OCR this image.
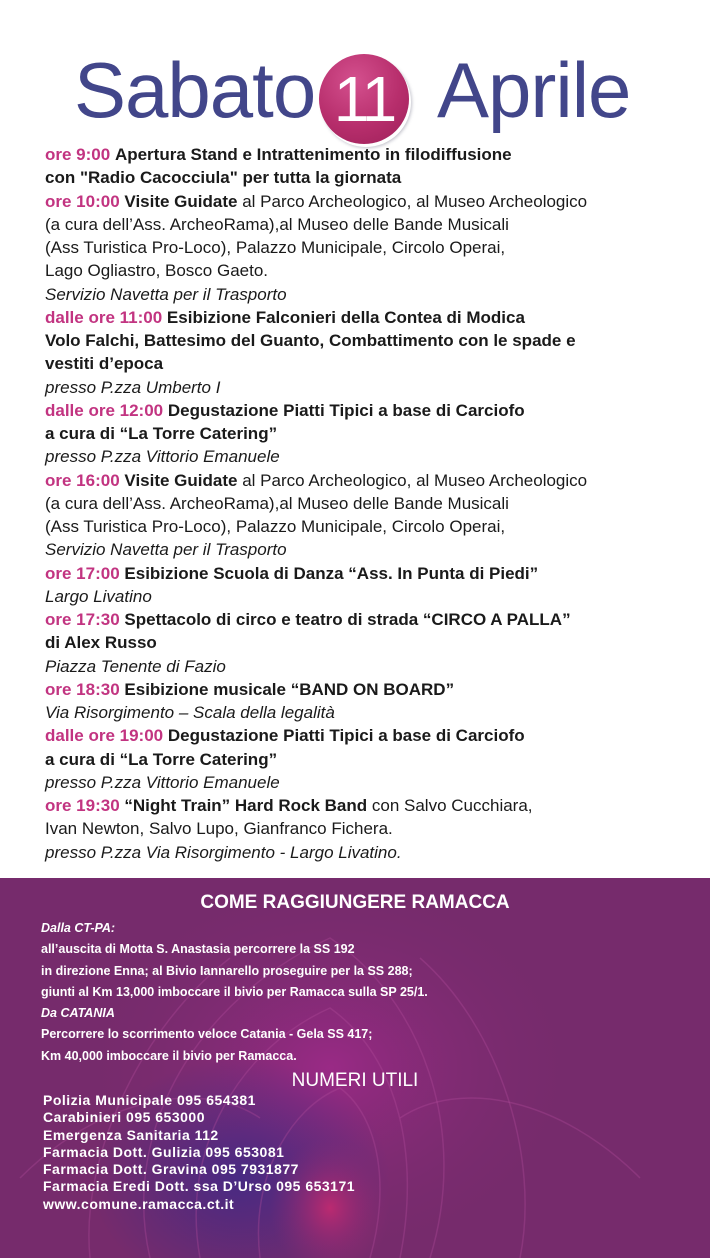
Sabato 11 Aprile
ore 9:00 Apertura Stand e Intrattenimento in filodiffusione
con "Radio Cacocciula" per tutta la giornata
ore 10:00 Visite Guidate al Parco Archeologico, al Museo Archeologico
(a cura dell’Ass. ArcheoRama),al Museo delle Bande Musicali
(Ass Turistica Pro-Loco), Palazzo Municipale, Circolo Operai,
Lago Ogliastro, Bosco Gaeto.
Servizio Navetta per il Trasporto
dalle ore 11:00 Esibizione Falconieri della Contea di Modica
Volo Falchi, Battesimo del Guanto, Combattimento con le spade e
vestiti d’epoca
presso P.zza Umberto I
dalle ore 12:00 Degustazione Piatti Tipici a base di Carciofo
a cura di “La Torre Catering”
presso P.zza Vittorio Emanuele
ore 16:00 Visite Guidate al Parco Archeologico, al Museo Archeologico
(a cura dell’Ass. ArcheoRama),al Museo delle Bande Musicali
(Ass Turistica Pro-Loco), Palazzo Municipale, Circolo Operai,
Servizio Navetta per il Trasporto
ore 17:00 Esibizione Scuola di Danza “Ass. In Punta di Piedi”
Largo Livatino
ore 17:30 Spettacolo di circo e teatro di strada “CIRCO A PALLA”
di Alex Russo
Piazza Tenente di Fazio
ore 18:30 Esibizione musicale “BAND ON BOARD”
Via Risorgimento – Scala della legalità
dalle ore 19:00 Degustazione Piatti Tipici a base di Carciofo
a cura di “La Torre Catering”
presso P.zza Vittorio Emanuele
ore 19:30 “Night Train” Hard Rock Band con Salvo Cucchiara,
Ivan Newton, Salvo Lupo, Gianfranco Fichera.
presso P.zza Via Risorgimento - Largo Livatino.
COME RAGGIUNGERE RAMACCA
Dalla CT-PA:
all’auscita di Motta S. Anastasia percorrere la SS 192
in direzione Enna; al Bivio Iannarello proseguire per la SS 288;
giunti al Km 13,000 imboccare il bivio per Ramacca sulla SP 25/1.
Da CATANIA
Percorrere lo scorrimento veloce Catania - Gela SS 417;
Km 40,000 imboccare il bivio per Ramacca.
NUMERI UTILI
Polizia Municipale 095 654381
Carabinieri 095 653000
Emergenza Sanitaria 112
Farmacia Dott. Gulizia 095 653081
Farmacia Dott. Gravina 095 7931877
Farmacia Eredi Dott. ssa D’Urso 095 653171
www.comune.ramacca.ct.it
